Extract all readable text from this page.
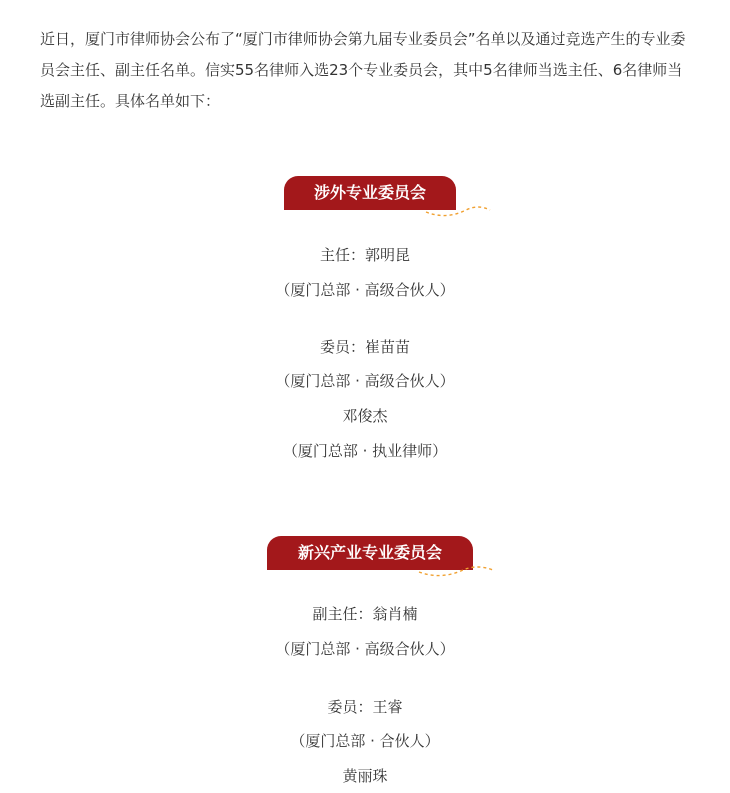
近日，厦门市律师协会公布了“厦门市律师协会第九届专业委员会”名单以及通过竞选产生的专业委员会主任、副主任名单。信实55名律师入选23个专业委员会，其中5名律师当选主任、6名律师当选副主任。具体名单如下：

涉外专业委员会
主任：郭明昆
（厦门总部 · 高级合伙人）
委员：崔苗苗
（厦门总部 · 高级合伙人）
邓俊杰
（厦门总部 · 执业律师）
新兴产业专业委员会
副主任：翁肖楠
（厦门总部 · 高级合伙人）
委员：王睿
（厦门总部 · 合伙人）
黄丽珠
